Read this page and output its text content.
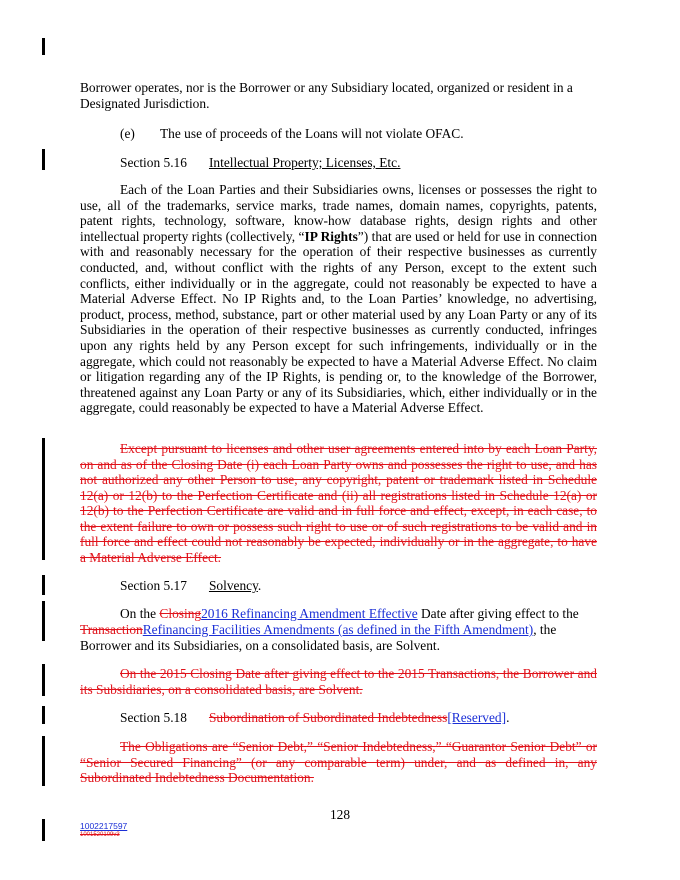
Borrower operates, nor is the Borrower or any Subsidiary located, organized or resident in a
Designated Jurisdiction.
(e) The use of proceeds of the Loans will not violate OFAC.
Section 5.16 Intellectual Property; Licenses, Etc.
Each of the Loan Parties and their Subsidiaries owns, licenses or possesses the right to use, all of the trademarks, service marks, trade names, domain names, copyrights, patents, patent rights, technology, software, know-how database rights, design rights and other intellectual property rights (collectively, “IP Rights”) that are used or held for use in connection with and reasonably necessary for the operation of their respective businesses as currently conducted, and, without conflict with the rights of any Person, except to the extent such conflicts, either individually or in the aggregate, could not reasonably be expected to have a Material Adverse Effect. No IP Rights and, to the Loan Parties’ knowledge, no advertising, product, process, method, substance, part or other material used by any Loan Party or any of its Subsidiaries in the operation of their respective businesses as currently conducted, infringes upon any rights held by any Person except for such infringements, individually or in the aggregate, which could not reasonably be expected to have a Material Adverse Effect. No claim or litigation regarding any of the IP Rights, is pending or, to the knowledge of the Borrower, threatened against any Loan Party or any of its Subsidiaries, which, either individually or in the aggregate, could reasonably be expected to have a Material Adverse Effect.
Except pursuant to licenses and other user agreements entered into by each Loan Party, on and as of the Closing Date (i) each Loan Party owns and possesses the right to use, and has not authorized any other Person to use, any copyright, patent or trademark listed in Schedule 12(a) or 12(b) to the Perfection Certificate and (ii) all registrations listed in Schedule 12(a) or 12(b) to the Perfection Certificate are valid and in full force and effect, except, in each case, to the extent failure to own or possess such right to use or of such registrations to be valid and in full force and effect could not reasonably be expected, individually or in the aggregate, to have a Material Adverse Effect.
Section 5.17 Solvency.
On the Closing2016 Refinancing Amendment Effective Date after giving effect to the
TransactionRefinancing Facilities Amendments (as defined in the Fifth Amendment), the
Borrower and its Subsidiaries, on a consolidated basis, are Solvent.
On the 2015 Closing Date after giving effect to the 2015 Transactions, the Borrower and its Subsidiaries, on a consolidated basis, are Solvent.
Section 5.18 Subordination of Subordinated Indebtedness[Reserved].
The Obligations are “Senior Debt,” “Senior Indebtedness,” “Guarantor Senior Debt” or “Senior Secured Financing” (or any comparable term) under, and as defined in, any Subordinated Indebtedness Documentation.
128
1002217597
1001520109v3
